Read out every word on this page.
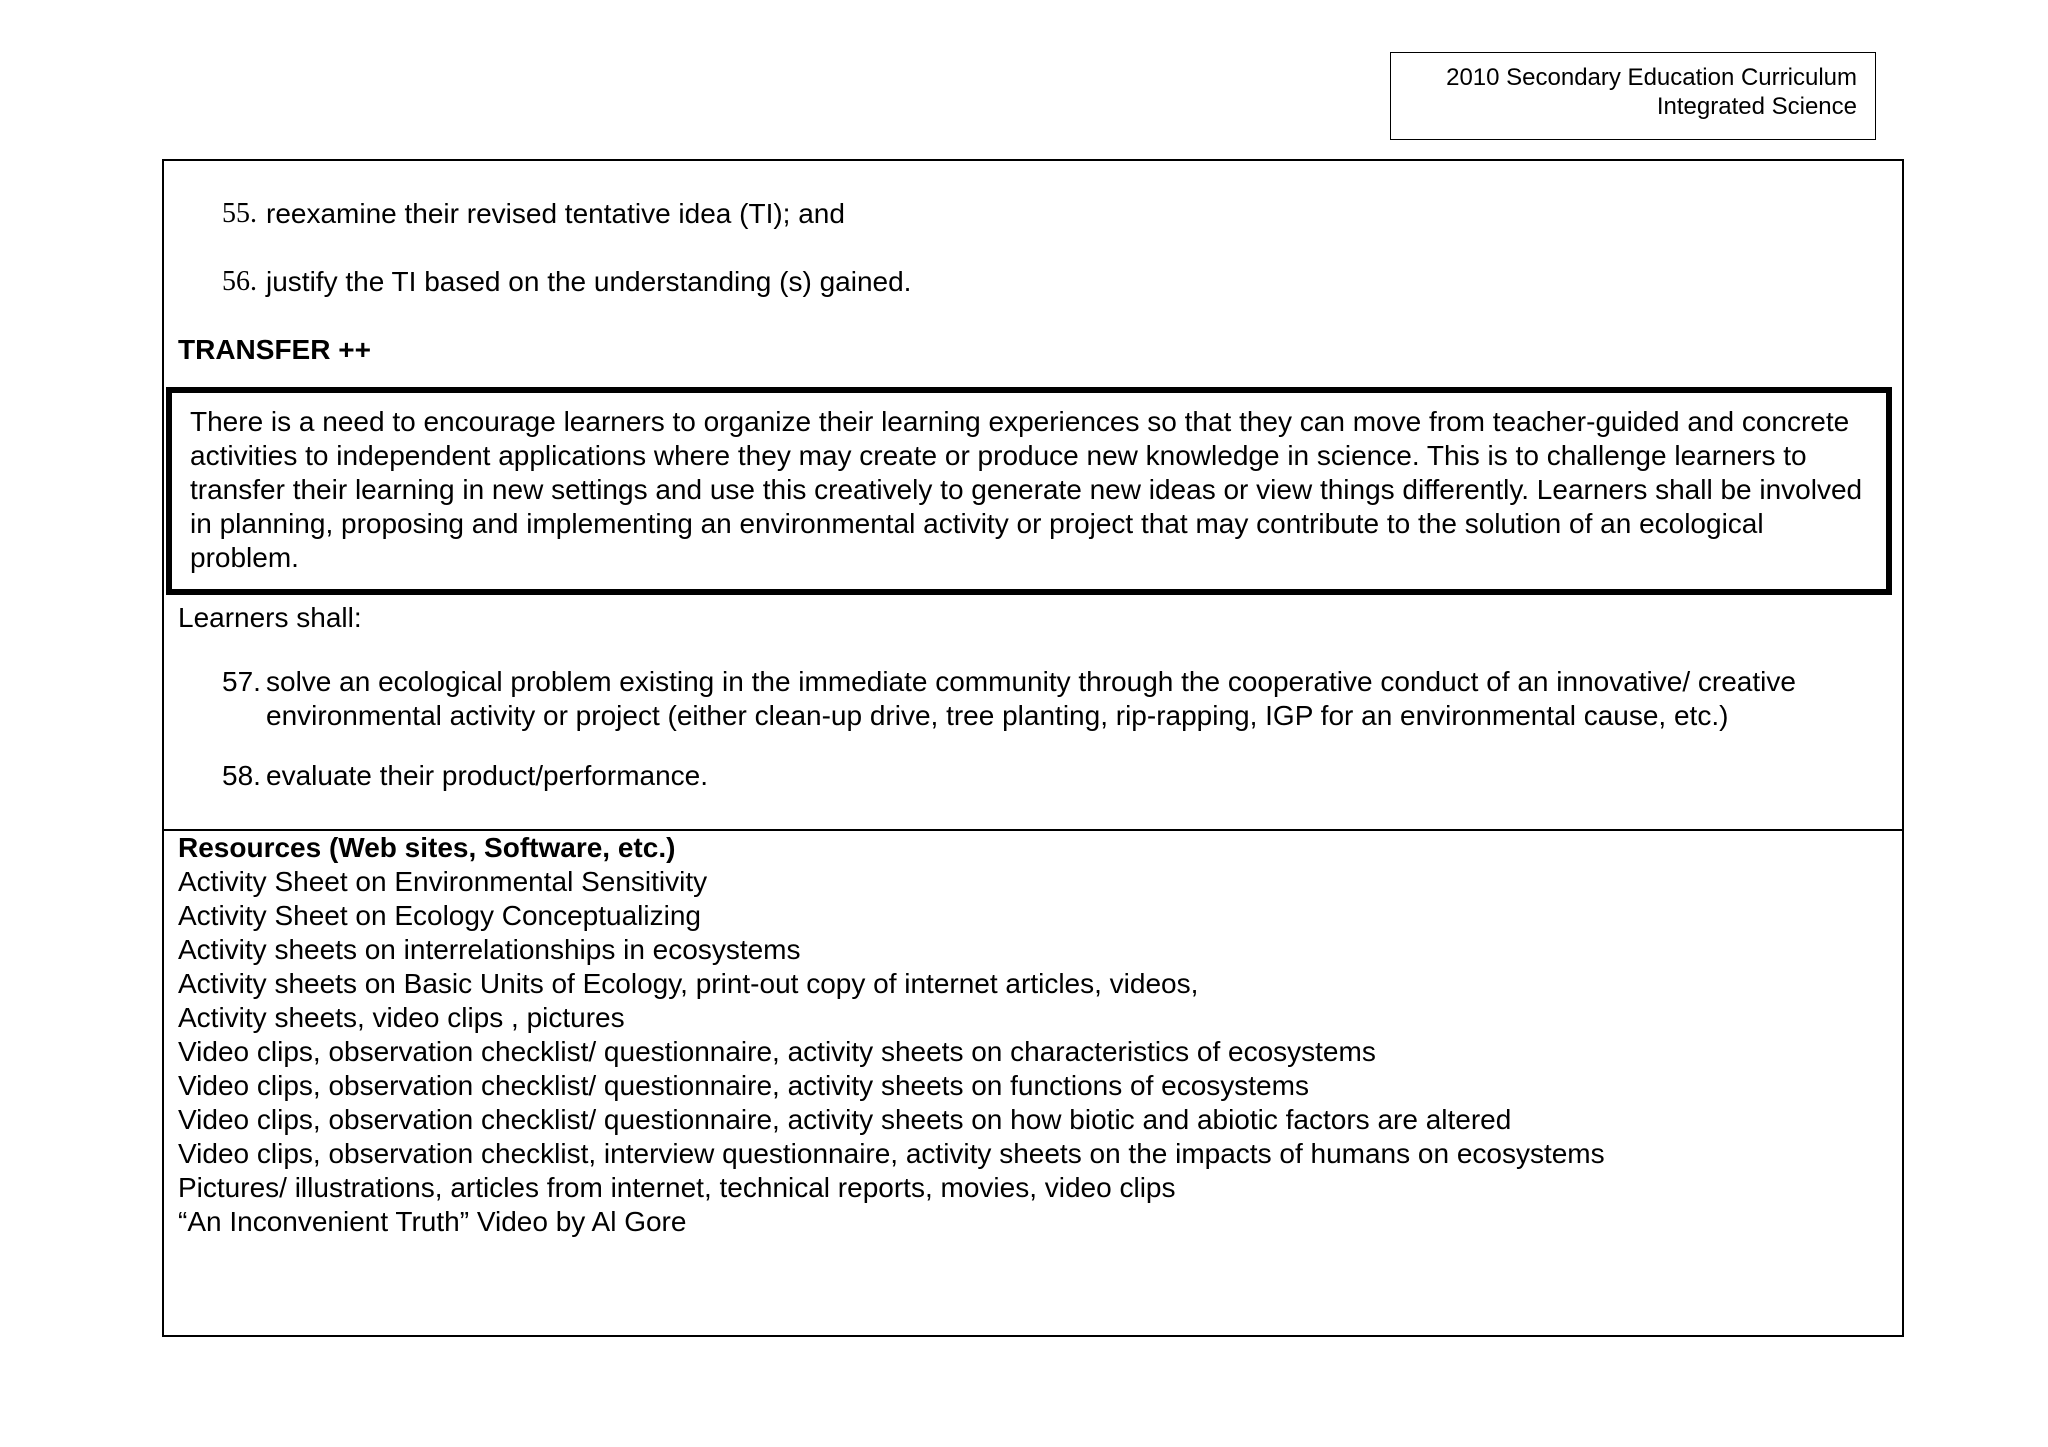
2010 Secondary Education Curriculum
Integrated Science
55. reexamine their revised tentative idea (TI); and
56. justify the TI based on the understanding (s) gained.
TRANSFER ++
There is a need to encourage learners to organize their learning experiences so that they can move from teacher-guided and concrete activities to independent applications where they may create or produce new knowledge in science. This is to challenge learners to transfer their learning in new settings and use this creatively to generate new ideas or view things differently. Learners shall be involved in planning, proposing and implementing an environmental activity or project that may contribute to the solution of an ecological problem.
Learners shall:
57. solve an ecological problem existing in the immediate community through the cooperative conduct of an innovative/ creative environmental activity or project (either clean-up drive, tree planting, rip-rapping, IGP for an environmental cause, etc.)
58. evaluate their product/performance.
Resources (Web sites, Software, etc.)
Activity Sheet on Environmental Sensitivity
Activity Sheet on Ecology Conceptualizing
Activity sheets on interrelationships in ecosystems
Activity sheets on Basic Units of Ecology, print-out copy of internet articles, videos,
Activity sheets, video clips , pictures
Video clips, observation checklist/ questionnaire, activity sheets on characteristics of ecosystems
Video clips, observation checklist/ questionnaire, activity sheets on functions of ecosystems
Video clips, observation checklist/ questionnaire, activity sheets on how biotic and abiotic factors are altered
Video clips, observation checklist, interview questionnaire, activity sheets on the impacts of humans on ecosystems
Pictures/ illustrations, articles from internet, technical reports, movies, video clips
“An Inconvenient Truth” Video by Al Gore
